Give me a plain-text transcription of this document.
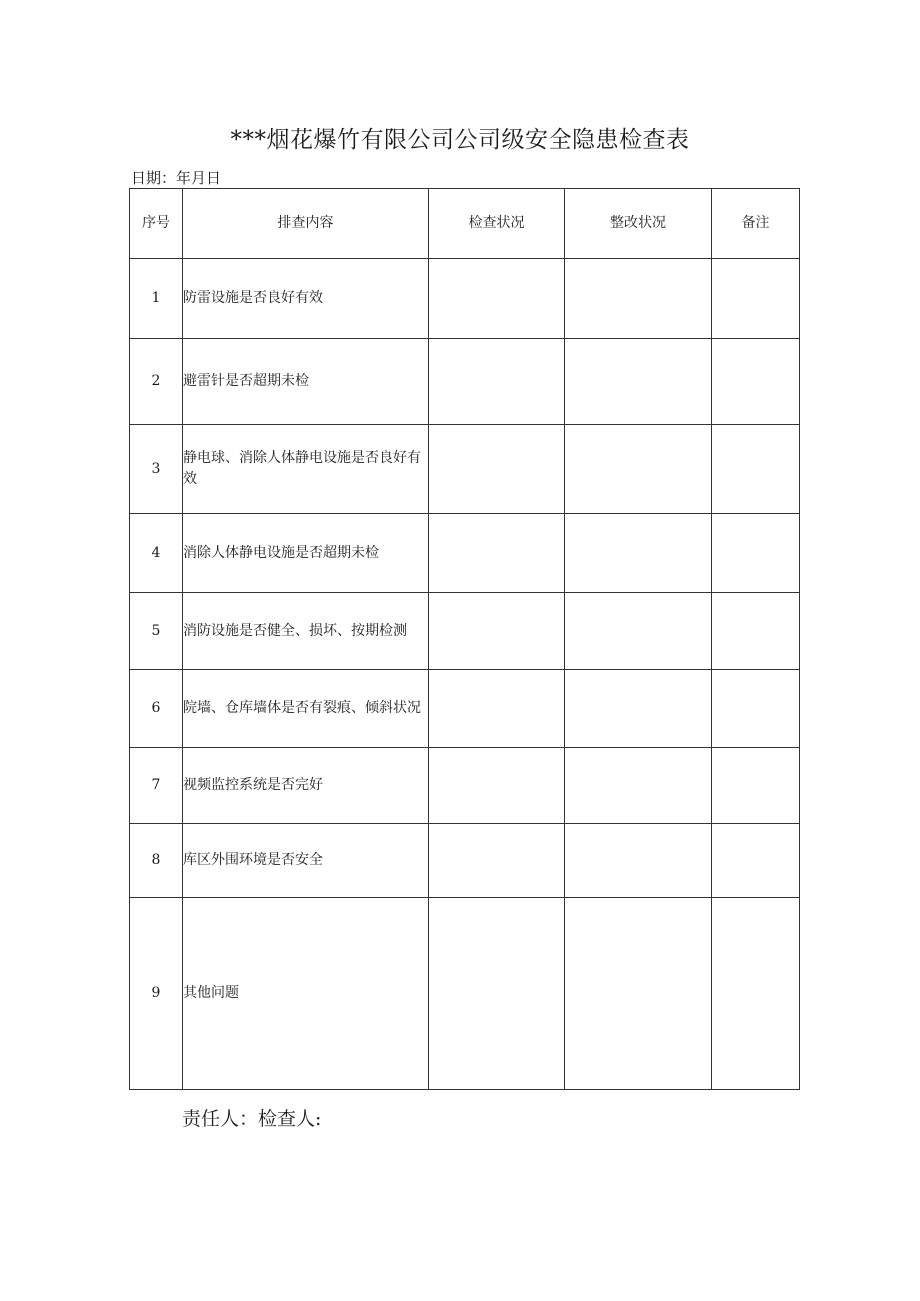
***烟花爆竹有限公司公司级安全隐患检查表
日期：年月日
序号	排查内容	检查状况	整改状况	备注
1	防雷设施是否良好有效			
2	避雷针是否超期未检			
3	静电球、消除人体静电设施是否良好有效			
4	消除人体静电设施是否超期未检			
5	消防设施是否健全、损坏、按期检测			
6	院墙、仓库墙体是否有裂痕、倾斜状况			
7	视频监控系统是否完好			
8	库区外围环境是否安全			
9	其他问题			
责任人：检查人:
